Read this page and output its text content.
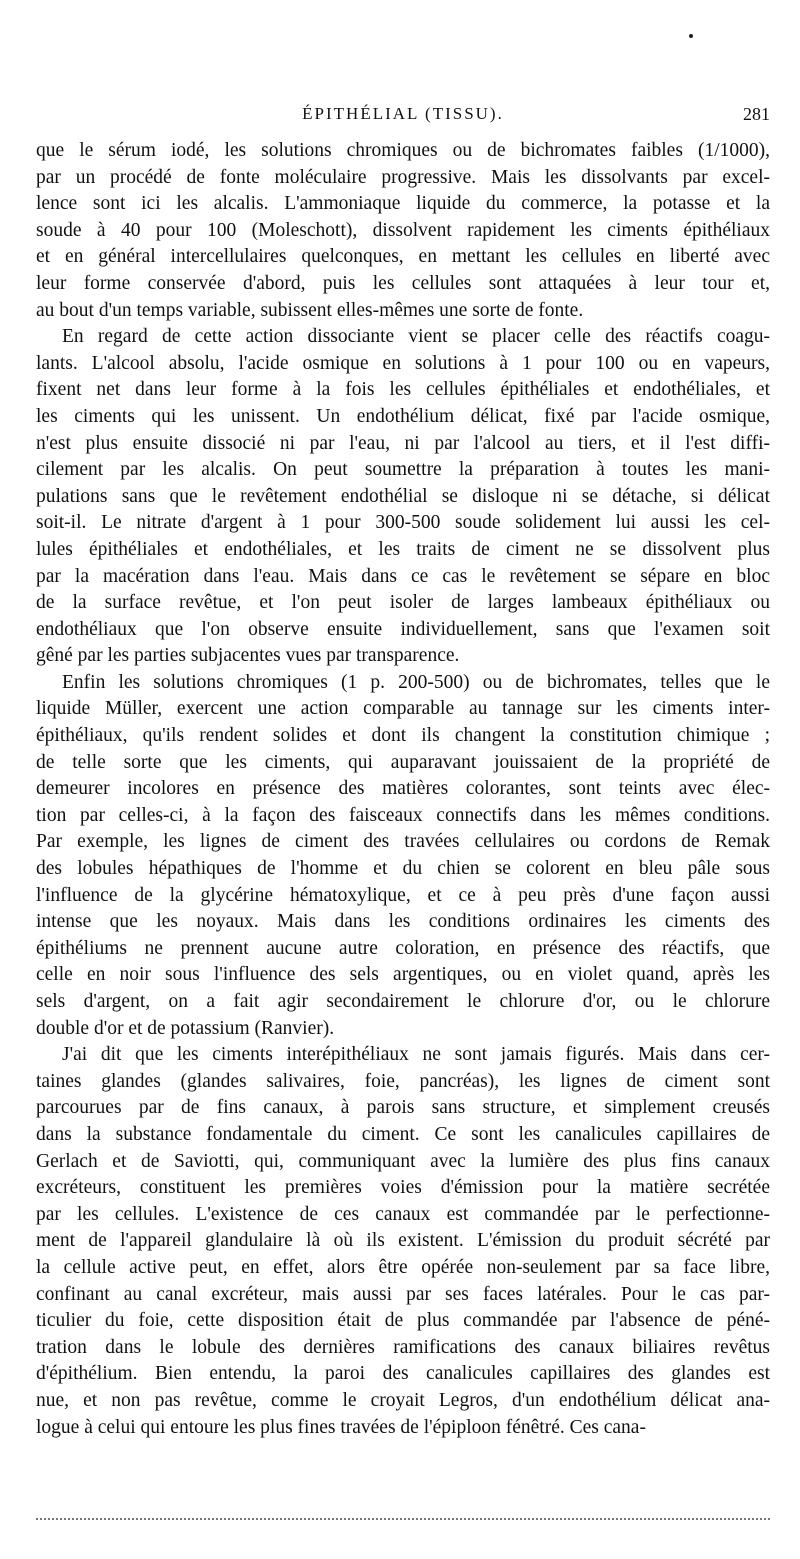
ÉPITHÉLIAL (TISSU).	281
que le sérum iodé, les solutions chromiques ou de bichromates faibles (1/1000),
par un procédé de fonte moléculaire progressive. Mais les dissolvants par excel-
lence sont ici les alcalis. L'ammoniaque liquide du commerce, la potasse et la
soude à 40 pour 100 (Moleschott), dissolvent rapidement les ciments épithéliaux
et en général intercellulaires quelconques, en mettant les cellules en liberté avec
leur forme conservée d'abord, puis les cellules sont attaquées à leur tour et,
au bout d'un temps variable, subissent elles-mêmes une sorte de fonte.
En regard de cette action dissociante vient se placer celle des réactifs coagu-
lants. L'alcool absolu, l'acide osmique en solutions à 1 pour 100 ou en vapeurs,
fixent net dans leur forme à la fois les cellules épithéliales et endothéliales, et
les ciments qui les unissent. Un endothélium délicat, fixé par l'acide osmique,
n'est plus ensuite dissocié ni par l'eau, ni par l'alcool au tiers, et il l'est diffi-
cilement par les alcalis. On peut soumettre la préparation à toutes les mani-
pulations sans que le revêtement endothélial se disloque ni se détache, si délicat
soit-il. Le nitrate d'argent à 1 pour 300-500 soude solidement lui aussi les cel-
lules épithéliales et endothéliales, et les traits de ciment ne se dissolvent plus
par la macération dans l'eau. Mais dans ce cas le revêtement se sépare en bloc
de la surface revêtue, et l'on peut isoler de larges lambeaux épithéliaux ou
endothéliaux que l'on observe ensuite individuellement, sans que l'examen soit
gêné par les parties subjacentes vues par transparence.
Enfin les solutions chromiques (1 p. 200-500) ou de bichromates, telles que le
liquide Müller, exercent une action comparable au tannage sur les ciments inter-
épithéliaux, qu'ils rendent solides et dont ils changent la constitution chimique ;
de telle sorte que les ciments, qui auparavant jouissaient de la propriété de
demeurer incolores en présence des matières colorantes, sont teints avec élec-
tion par celles-ci, à la façon des faisceaux connectifs dans les mêmes conditions.
Par exemple, les lignes de ciment des travées cellulaires ou cordons de Remak
des lobules hépathiques de l'homme et du chien se colorent en bleu pâle sous
l'influence de la glycérine hématoxylique, et ce à peu près d'une façon aussi
intense que les noyaux. Mais dans les conditions ordinaires les ciments des
épithéliums ne prennent aucune autre coloration, en présence des réactifs, que
celle en noir sous l'influence des sels argentiques, ou en violet quand, après les
sels d'argent, on a fait agir secondairement le chlorure d'or, ou le chlorure
double d'or et de potassium (Ranvier).
J'ai dit que les ciments interépithéliaux ne sont jamais figurés. Mais dans cer-
taines glandes (glandes salivaires, foie, pancréas), les lignes de ciment sont
parcourues par de fins canaux, à parois sans structure, et simplement creusés
dans la substance fondamentale du ciment. Ce sont les canalicules capillaires de
Gerlach et de Saviotti, qui, communiquant avec la lumière des plus fins canaux
excréteurs, constituent les premières voies d'émission pour la matière secrétée
par les cellules. L'existence de ces canaux est commandée par le perfectionne-
ment de l'appareil glandulaire là où ils existent. L'émission du produit sécrété par
la cellule active peut, en effet, alors être opérée non-seulement par sa face libre,
confinant au canal excréteur, mais aussi par ses faces latérales. Pour le cas par-
ticulier du foie, cette disposition était de plus commandée par l'absence de péné-
tration dans le lobule des dernières ramifications des canaux biliaires revêtus
d'épithélium. Bien entendu, la paroi des canalicules capillaires des glandes est
nue, et non pas revêtue, comme le croyait Legros, d'un endothélium délicat ana-
logue à celui qui entoure les plus fines travées de l'épiploon fénêtré. Ces cana-
